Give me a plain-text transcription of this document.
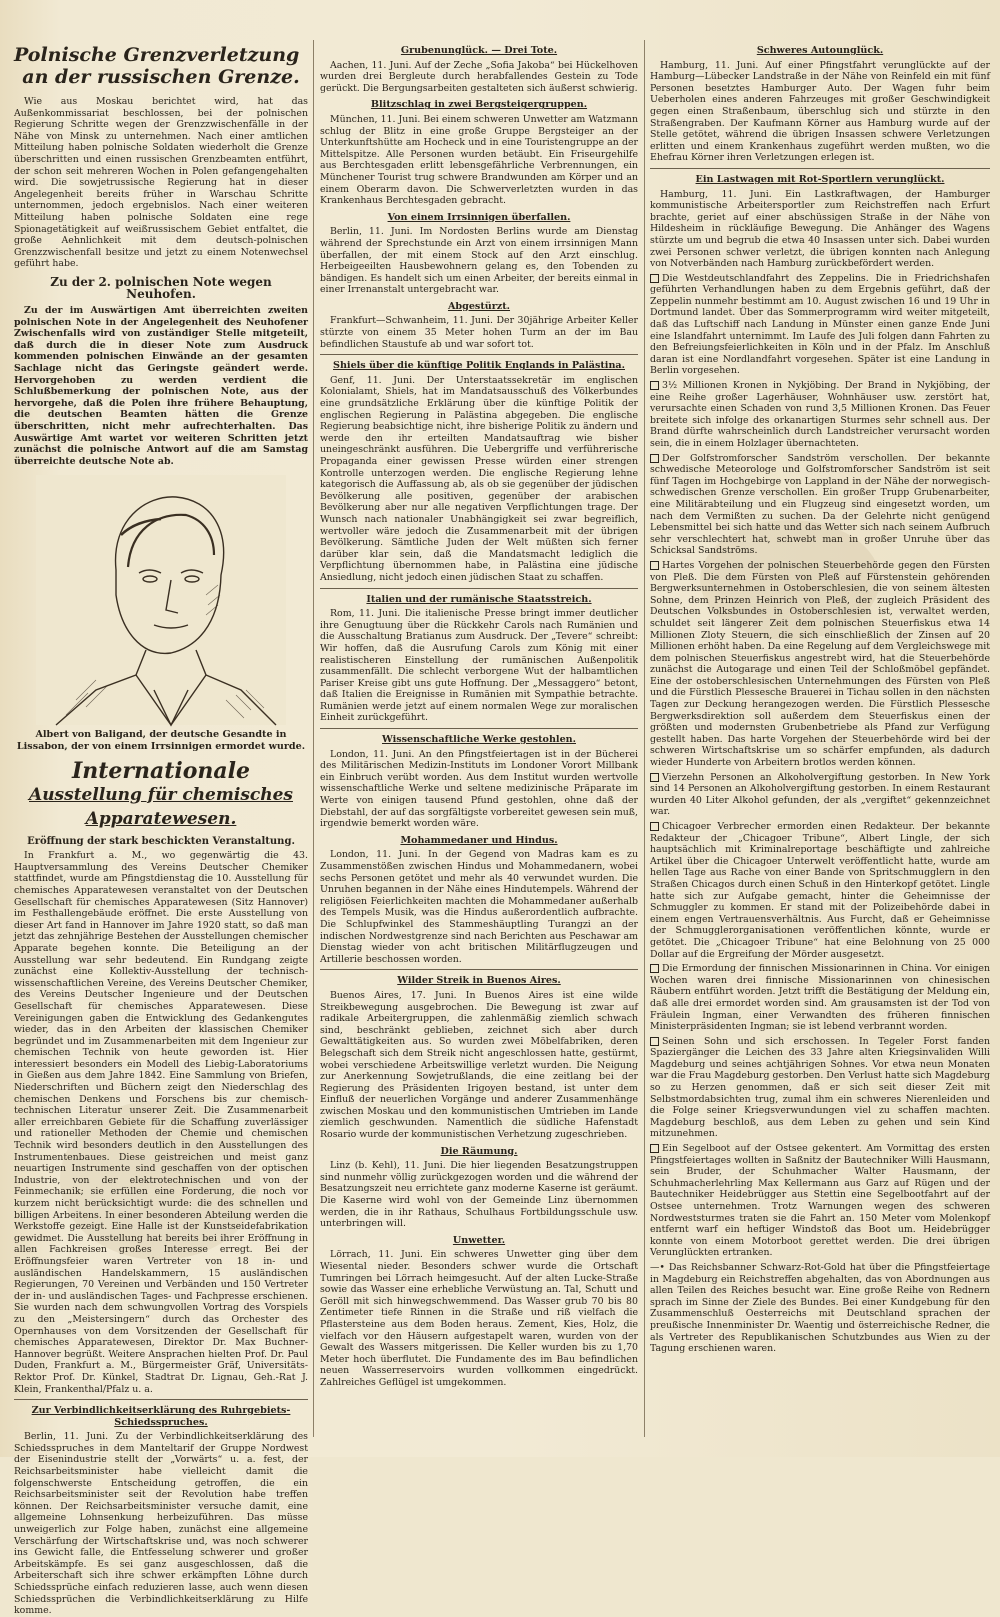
Polnische Grenzverletzung
an der russischen Grenze.
Wie aus Moskau berichtet wird, hat das Außenkommissariat beschlossen, bei der polnischen Regierung Schritte wegen der Grenzzwischenfälle in der Nähe von Minsk zu unternehmen. Nach einer amtlichen Mitteilung haben polnische Soldaten wiederholt die Grenze überschritten und einen russischen Grenzbeamten entführt, der schon seit mehreren Wochen in Polen gefangengehalten wird. Die sowjetrussische Regierung hat in dieser Angelegenheit bereits früher in Warschau Schritte unternommen, jedoch ergebnislos. Nach einer weiteren Mitteilung haben polnische Soldaten eine rege Spionagetätigkeit auf weißrussischem Gebiet entfaltet, die große Aehnlichkeit mit dem deutsch-polnischen Grenzzwischenfall besitze und jetzt zu einem Notenwechsel geführt habe.
Zu der 2. polnischen Note wegen Neuhofen.
Zu der im Auswärtigen Amt überreichten zweiten polnischen Note in der Angelegenheit des Neuhofener Zwischenfalls wird von zuständiger Stelle mitgeteilt, daß durch die in dieser Note zum Ausdruck kommenden polnischen Einwände an der gesamten Sachlage nicht das Geringste geändert werde. Hervorgehoben zu werden verdient die Schlußbemerkung der polnischen Note, aus der hervorgehe, daß die Polen ihre frühere Behauptung, die deutschen Beamten hätten die Grenze überschritten, nicht mehr aufrechterhalten. Das Auswärtige Amt wartet vor weiteren Schritten jetzt zunächst die polnische Antwort auf die am Samstag überreichte deutsche Note ab.
Albert von Baligand, der deutsche Gesandte in Lissabon, der von einem Irrsinnigen ermordet wurde.
Internationale
Ausstellung für chemisches Apparatewesen.
Eröffnung der stark beschickten Veranstaltung.
In Frankfurt a. M., wo gegenwärtig die 43. Hauptversammlung des Vereins Deutscher Chemiker stattfindet, wurde am Pfingstdienstag die 10. Ausstellung für chemisches Apparatewesen veranstaltet von der Deutschen Gesellschaft für chemisches Apparatewesen (Sitz Hannover) im Festhallengebäude eröffnet. Die erste Ausstellung von dieser Art fand in Hannover im Jahre 1920 statt, so daß man jetzt das zehnjährige Bestehen der Ausstellungen chemischer Apparate begehen konnte. Die Beteiligung an der Ausstellung war sehr bedeutend. Ein Rundgang zeigte zunächst eine Kollektiv-Ausstellung der technisch-wissenschaftlichen Vereine, des Vereins Deutscher Chemiker, des Vereins Deutscher Ingenieure und der Deutschen Gesellschaft für chemisches Apparatewesen. Diese Vereinigungen gaben die Entwicklung des Gedankengutes wieder, das in den Arbeiten der klassischen Chemiker begründet und im Zusammenarbeiten mit dem Ingenieur zur chemischen Technik von heute geworden ist. Hier interessiert besonders ein Modell des Liebig-Laboratoriums in Gießen aus dem Jahre 1842. Eine Sammlung von Briefen, Niederschriften und Büchern zeigt den Niederschlag des chemischen Denkens und Forschens bis zur chemisch-technischen Literatur unserer Zeit. Die Zusammenarbeit aller erreichbaren Gebiete für die Schaffung zuverlässiger und rationeller Methoden der Chemie und chemischen Technik wird besonders deutlich in den Ausstellungen des Instrumentenbaues. Diese geistreichen und meist ganz neuartigen Instrumente sind geschaffen von der optischen Industrie, von der elektrotechnischen und von der Feinmechanik; sie erfüllen eine Forderung, die noch vor kurzem nicht berücksichtigt wurde: die des schnellen und billigen Arbeitens. In einer besonderen Abteilung werden die Werkstoffe gezeigt. Eine Halle ist der Kunstseidefabrikation gewidmet. Die Ausstellung hat bereits bei ihrer Eröffnung in allen Fachkreisen großes Interesse erregt. Bei der Eröffnungsfeier waren Vertreter von 18 in- und ausländischen Handelskammern, 15 ausländischen Regierungen, 70 Vereinen und Verbänden und 150 Vertreter der in- und ausländischen Tages- und Fachpresse erschienen. Sie wurden nach dem schwungvollen Vortrag des Vorspiels zu den „Meistersingern“ durch das Orchester des Opernhauses von dem Vorsitzenden der Gesellschaft für chemisches Apparatewesen, Direktor Dr. Max Buchner-Hannover begrüßt. Weitere Ansprachen hielten Prof. Dr. Paul Duden, Frankfurt a. M., Bürgermeister Gräf, Universitäts-Rektor Prof. Dr. Künkel, Stadtrat Dr. Lignau, Geh.-Rat J. Klein, Frankenthal/Pfalz u. a.
Zur Verbindlichkeitserklärung des Ruhrgebiets-Schiedsspruches.
Berlin, 11. Juni. Zu der Verbindlichkeitserklärung des Schiedsspruches in dem Manteltarif der Gruppe Nordwest der Eisenindustrie stellt der „Vorwärts“ u. a. fest, der Reichsarbeitsminister habe vielleicht damit die folgenschwerste Entscheidung getroffen, die ein Reichsarbeitsminister seit der Revolution habe treffen können. Der Reichsarbeitsminister versuche damit, eine allgemeine Lohnsenkung herbeizuführen. Das müsse unweigerlich zur Folge haben, zunächst eine allgemeine Verschärfung der Wirtschaftskrise und, was noch schwerer ins Gewicht falle, die Entfesselung schwerer und großer Arbeitskämpfe. Es sei ganz ausgeschlossen, daß die Arbeiterschaft sich ihre schwer erkämpften Löhne durch Schiedssprüche einfach reduzieren lasse, auch wenn diesen Schiedssprüchen die Verbindlichkeitserklärung zu Hilfe komme.
Grubenunglück. — Drei Tote.
Aachen, 11. Juni. Auf der Zeche „Sofia Jakoba“ bei Hückelhoven wurden drei Bergleute durch herabfallendes Gestein zu Tode gerückt. Die Bergungsarbeiten gestalteten sich äußerst schwierig.
Blitzschlag in zwei Bergsteigergruppen.
München, 11. Juni. Bei einem schweren Unwetter am Watzmann schlug der Blitz in eine große Gruppe Bergsteiger an der Unterkunftshütte am Hocheck und in eine Touristengruppe an der Mittelspitze. Alle Personen wurden betäubt. Ein Friseurgehilfe aus Berchtesgaden erlitt lebensgefährliche Verbrennungen, ein Münchener Tourist trug schwere Brandwunden am Körper und an einem Oberarm davon. Die Schwerverletzten wurden in das Krankenhaus Berchtesgaden gebracht.
Von einem Irrsinnigen überfallen.
Berlin, 11. Juni. Im Nordosten Berlins wurde am Dienstag während der Sprechstunde ein Arzt von einem irrsinnigen Mann überfallen, der mit einem Stock auf den Arzt einschlug. Herbeigeeilten Hausbewohnern gelang es, den Tobenden zu bändigen. Es handelt sich um einen Arbeiter, der bereits einmal in einer Irrenanstalt untergebracht war.
Abgestürzt.
Frankfurt—Schwanheim, 11. Juni. Der 30jährige Arbeiter Keller stürzte von einem 35 Meter hohen Turm an der im Bau befindlichen Staustufe ab und war sofort tot.
Shiels über die künftige Politik Englands in Palästina.
Genf, 11. Juni. Der Unterstaatssekretär im englischen Kolonialamt, Shiels, hat im Mandatsausschuß des Völkerbundes eine grundsätzliche Erklärung über die künftige Politik der englischen Regierung in Palästina abgegeben. Die englische Regierung beabsichtige nicht, ihre bisherige Politik zu ändern und werde den ihr erteilten Mandatsauftrag wie bisher uneingeschränkt ausführen. Die Uebergriffe und verführerische Propaganda einer gewissen Presse würden einer strengen Kontrolle unterzogen werden. Die englische Regierung lehne kategorisch die Auffassung ab, als ob sie gegenüber der jüdischen Bevölkerung alle positiven, gegenüber der arabischen Bevölkerung aber nur alle negativen Verpflichtungen trage. Der Wunsch nach nationaler Unabhängigkeit sei zwar begreiflich, wertvoller wäre jedoch die Zusammenarbeit mit der übrigen Bevölkerung. Sämtliche Juden der Welt müßten sich ferner darüber klar sein, daß die Mandatsmacht lediglich die Verpflichtung übernommen habe, in Palästina eine jüdische Ansiedlung, nicht jedoch einen jüdischen Staat zu schaffen.
Italien und der rumänische Staatsstreich.
Rom, 11. Juni. Die italienische Presse bringt immer deutlicher ihre Genugtuung über die Rückkehr Carols nach Rumänien und die Ausschaltung Bratianus zum Ausdruck. Der „Tevere“ schreibt: Wir hoffen, daß die Ausrufung Carols zum König mit einer realistischeren Einstellung der rumänischen Außenpolitik zusammenfällt. Die schlecht verborgene Wut der halbamtlichen Pariser Kreise gibt uns gute Hoffnung. Der „Messaggero“ betont, daß Italien die Ereignisse in Rumänien mit Sympathie betrachte. Rumänien werde jetzt auf einem normalen Wege zur moralischen Einheit zurückgeführt.
Wissenschaftliche Werke gestohlen.
London, 11. Juni. An den Pfingstfeiertagen ist in der Bücherei des Militärischen Medizin-Instituts im Londoner Vorort Millbank ein Einbruch verübt worden. Aus dem Institut wurden wertvolle wissenschaftliche Werke und seltene medizinische Präparate im Werte von einigen tausend Pfund gestohlen, ohne daß der Diebstahl, der auf das sorgfältigste vorbereitet gewesen sein muß, irgendwie bemerkt worden wäre.
Mohammedaner und Hindus.
London, 11. Juni. In der Gegend von Madras kam es zu Zusammenstößen zwischen Hindus und Mohammedanern, wobei sechs Personen getötet und mehr als 40 verwundet wurden. Die Unruhen begannen in der Nähe eines Hindutempels. Während der religiösen Feierlichkeiten machten die Mohammedaner außerhalb des Tempels Musik, was die Hindus außerordentlich aufbrachte. Die Schlupfwinkel des Stammeshäuptling Turangzi an der indischen Nordwestgrenze sind nach Berichten aus Peschawar am Dienstag wieder von acht britischen Militärflugzeugen und Artillerie beschossen worden.
Wilder Streik in Buenos Aires.
Buenos Aires, 17. Juni. In Buenos Aires ist eine wilde Streikbewegung ausgebrochen. Die Bewegung ist zwar auf radikale Arbeitergruppen, die zahlenmäßig ziemlich schwach sind, beschränkt geblieben, zeichnet sich aber durch Gewalttätigkeiten aus. So wurden zwei Möbelfabriken, deren Belegschaft sich dem Streik nicht angeschlossen hatte, gestürmt, wobei verschiedene Arbeitswillige verletzt wurden. Die Neigung zur Anerkennung Sowjetrußlands, die eine zeitlang bei der Regierung des Präsidenten Irigoyen bestand, ist unter dem Einfluß der neuerlichen Vorgänge und anderer Zusammenhänge zwischen Moskau und den kommunistischen Umtrieben im Lande ziemlich geschwunden. Namentlich die südliche Hafenstadt Rosario wurde der kommunistischen Verhetzung zugeschrieben.
Die Räumung.
Linz (b. Kehl), 11. Juni. Die hier liegenden Besatzungstruppen sind nunmehr völlig zurückgezogen worden und die während der Besatzungszeit neu errichtete ganz moderne Kaserne ist geräumt. Die Kaserne wird wohl von der Gemeinde Linz übernommen werden, die in ihr Rathaus, Schulhaus Fortbildungsschule usw. unterbringen will.
Unwetter.
Lörrach, 11. Juni. Ein schweres Unwetter ging über dem Wiesental nieder. Besonders schwer wurde die Ortschaft Tumringen bei Lörrach heimgesucht. Auf der alten Lucke-Straße sowie das Wasser eine erhebliche Verwüstung an. Tal, Schutt und Geröll mit sich hinwegschwemmend. Das Wasser grub 70 bis 80 Zentimeter tiefe Rinnen in die Straße und riß vielfach die Pflastersteine aus dem Boden heraus. Zement, Kies, Holz, die vielfach vor den Häusern aufgestapelt waren, wurden von der Gewalt des Wassers mitgerissen. Die Keller wurden bis zu 1,70 Meter hoch überflutet. Die Fundamente des im Bau befindlichen neuen Wasserreservoirs wurden vollkommen eingedrückt. Zahlreiches Geflügel ist umgekommen.
Schweres Autounglück.
Hamburg, 11. Juni. Auf einer Pfingstfahrt verunglückte auf der Hamburg—Lübecker Landstraße in der Nähe von Reinfeld ein mit fünf Personen besetztes Hamburger Auto. Der Wagen fuhr beim Ueberholen eines anderen Fahrzeuges mit großer Geschwindigkeit gegen einen Straßenbaum, überschlug sich und stürzte in den Straßengraben. Der Kaufmann Körner aus Hamburg wurde auf der Stelle getötet, während die übrigen Insassen schwere Verletzungen erlitten und einem Krankenhaus zugeführt werden mußten, wo die Ehefrau Körner ihren Verletzungen erlegen ist.
Ein Lastwagen mit Rot-Sportlern verunglückt.
Hamburg, 11. Juni. Ein Lastkraftwagen, der Hamburger kommunistische Arbeitersportler zum Reichstreffen nach Erfurt brachte, geriet auf einer abschüssigen Straße in der Nähe von Hildesheim in rückläufige Bewegung. Die Anhänger des Wagens stürzte um und begrub die etwa 40 Insassen unter sich. Dabei wurden zwei Personen schwer verletzt, die übrigen konnten nach Anlegung von Notverbänden nach Hamburg zurückbefördert werden.
Die Westdeutschlandfahrt des Zeppelins. Die in Friedrichshafen geführten Verhandlungen haben zu dem Ergebnis geführt, daß der Zeppelin nunmehr bestimmt am 10. August zwischen 16 und 19 Uhr in Dortmund landet. Über das Sommerprogramm wird weiter mitgeteilt, daß das Luftschiff nach Landung in Münster einen ganze Ende Juni eine Islandfahrt unternimmt. Im Laufe des Juli folgen dann Fahrten zu den Befreiungsfeierlichkeiten in Köln und in der Pfalz. Im Anschluß daran ist eine Nordlandfahrt vorgesehen. Später ist eine Landung in Berlin vorgesehen.
3½ Millionen Kronen in Nykjöbing. Der Brand in Nykjöbing, der eine Reihe großer Lagerhäuser, Wohnhäuser usw. zerstört hat, verursachte einen Schaden von rund 3,5 Millionen Kronen. Das Feuer breitete sich infolge des orkanartigen Sturmes sehr schnell aus. Der Brand dürfte wahrscheinlich durch Landstreicher verursacht worden sein, die in einem Holzlager übernachteten.
Der Golfstromforscher Sandström verschollen. Der bekannte schwedische Meteorologe und Golfstromforscher Sandström ist seit fünf Tagen im Hochgebirge von Lappland in der Nähe der norwegisch-schwedischen Grenze verschollen. Ein großer Trupp Grubenarbeiter, eine Militärabteilung und ein Flugzeug sind eingesetzt worden, um nach dem Vermißten zu suchen. Da der Gelehrte nicht genügend Lebensmittel bei sich hatte und das Wetter sich nach seinem Aufbruch sehr verschlechtert hat, schwebt man in großer Unruhe über das Schicksal Sandströms.
Hartes Vorgehen der polnischen Steuerbehörde gegen den Fürsten von Pleß. Die dem Fürsten von Pleß auf Fürstenstein gehörenden Bergwerksunternehmen in Ostoberschlesien, die von seinem ältesten Sohne, dem Prinzen Heinrich von Pleß, der zugleich Präsident des Deutschen Volksbundes in Ostoberschlesien ist, verwaltet werden, schuldet seit längerer Zeit dem polnischen Steuerfiskus etwa 14 Millionen Zloty Steuern, die sich einschließlich der Zinsen auf 20 Millionen erhöht haben. Da eine Regelung auf dem Vergleichswege mit dem polnischen Steuerfiskus angestrebt wird, hat die Steuerbehörde zunächst die Autogarage und einen Teil der Schloßmöbel gepfändet. Eine der ostoberschlesischen Unternehmungen des Fürsten von Pleß und die Fürstlich Plessesche Brauerei in Tichau sollen in den nächsten Tagen zur Deckung herangezogen werden. Die Fürstlich Plessesche Bergwerksdirektion soll außerdem dem Steuerfiskus einen der größten und modernsten Grubenbetriebe als Pfand zur Verfügung gestellt haben. Das harte Vorgehen der Steuerbehörde wird bei der schweren Wirtschaftskrise um so schärfer empfunden, als dadurch wieder Hunderte von Arbeitern brotlos werden können.
Vierzehn Personen an Alkoholvergiftung gestorben. In New York sind 14 Personen an Alkoholvergiftung gestorben. In einem Restaurant wurden 40 Liter Alkohol gefunden, der als „vergiftet“ gekennzeichnet war.
Chicagoer Verbrecher ermorden einen Redakteur. Der bekannte Redakteur der „Chicagoer Tribune“, Albert Lingle, der sich hauptsächlich mit Kriminalreportage beschäftigte und zahlreiche Artikel über die Chicagoer Unterwelt veröffentlicht hatte, wurde am hellen Tage aus Rache von einer Bande von Spritschmugglern in den Straßen Chicagos durch einen Schuß in den Hinterkopf getötet. Lingle hatte sich zur Aufgabe gemacht, hinter die Geheimnisse der Schmuggler zu kommen. Er stand mit der Polizeibehörde dabei in einem engen Vertrauensverhältnis. Aus Furcht, daß er Geheimnisse der Schmugglerorganisationen veröffentlichen könnte, wurde er getötet. Die „Chicagoer Tribune“ hat eine Belohnung von 25 000 Dollar auf die Ergreifung der Mörder ausgesetzt.
Die Ermordung der finnischen Missionarinnen in China. Vor einigen Wochen waren drei finnische Missionarinnen von chinesischen Räubern entführt worden. Jetzt trifft die Bestätigung der Meldung ein, daß alle drei ermordet worden sind. Am grausamsten ist der Tod von Fräulein Ingman, einer Verwandten des früheren finnischen Ministerpräsidenten Ingman; sie ist lebend verbrannt worden.
Seinen Sohn und sich erschossen. In Tegeler Forst fanden Spaziergänger die Leichen des 33 Jahre alten Kriegsinvaliden Willi Magdeburg und seines achtjährigen Sohnes. Vor etwa neun Monaten war die Frau Magdeburg gestorben. Den Verlust hatte sich Magdeburg so zu Herzen genommen, daß er sich seit dieser Zeit mit Selbstmordabsichten trug, zumal ihm ein schweres Nierenleiden und die Folge seiner Kriegsverwundungen viel zu schaffen machten. Magdeburg beschloß, aus dem Leben zu gehen und sein Kind mitzunehmen.
Ein Segelboot auf der Ostsee gekentert. Am Vormittag des ersten Pfingstfeiertages wollten in Saßnitz der Bautechniker Willi Hausmann, sein Bruder, der Schuhmacher Walter Hausmann, der Schuhmacherlehrling Max Kellermann aus Garz auf Rügen und der Bautechniker Heidebrügger aus Stettin eine Segelbootfahrt auf der Ostsee unternehmen. Trotz Warnungen wegen des schweren Nordweststurmes traten sie die Fahrt an. 150 Meter vom Molenkopf entfernt warf ein heftiger Windstoß das Boot um. Heidebrügger konnte von einem Motorboot gerettet werden. Die drei übrigen Verunglückten ertranken.
—• Das Reichsbanner Schwarz-Rot-Gold hat über die Pfingstfeiertage in Magdeburg ein Reichstreffen abgehalten, das von Abordnungen aus allen Teilen des Reiches besucht war. Eine große Reihe von Rednern sprach im Sinne der Ziele des Bundes. Bei einer Kundgebung für den Zusammenschluß Oesterreichs mit Deutschland sprachen der preußische Innenminister Dr. Waentig und österreichische Redner, die als Vertreter des Republikanischen Schutzbundes aus Wien zu der Tagung erschienen waren.
